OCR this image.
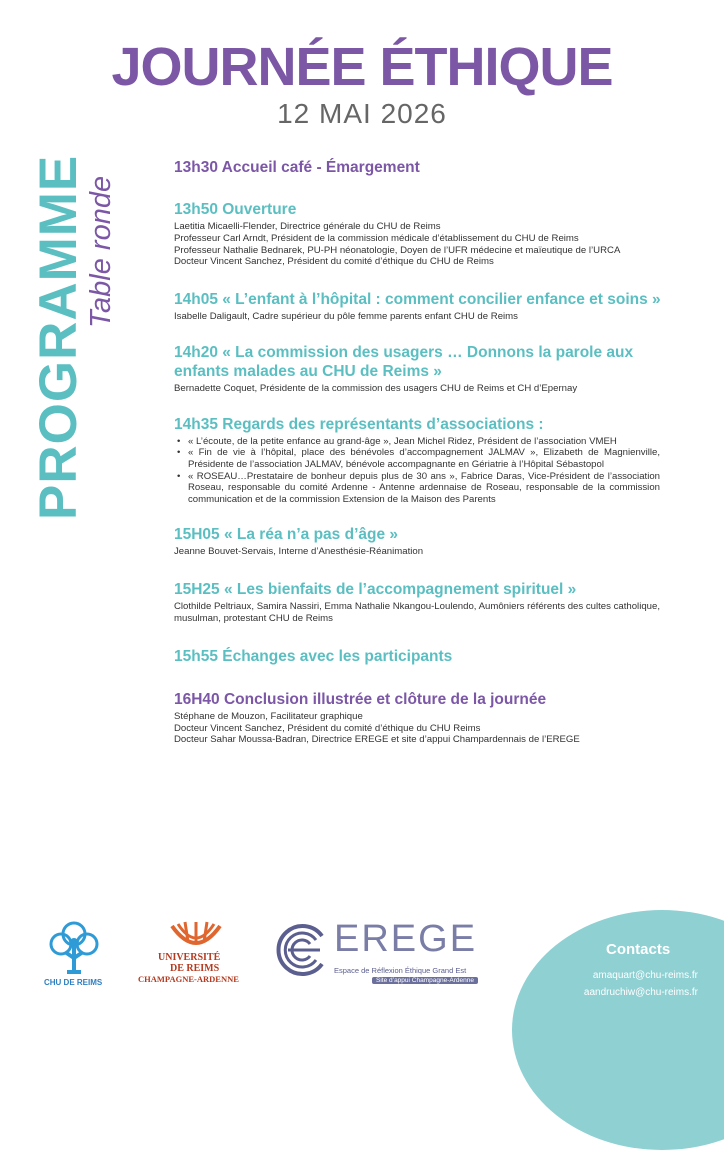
JOURNÉE ÉTHIQUE
12 MAI 2026
PROGRAMME
Table ronde
13h30 Accueil café - Émargement
13h50 Ouverture
Laetitia Micaelli-Flender, Directrice générale du CHU de Reims
Professeur Carl Arndt, Président de la commission médicale d’établissement du CHU de Reims
Professeur Nathalie Bednarek, PU-PH néonatologie, Doyen de l’UFR médecine et maïeutique de l’URCA
Docteur Vincent Sanchez, Président du comité d’éthique du CHU de Reims
14h05 « L’enfant à l’hôpital : comment concilier enfance et soins »
Isabelle Daligault, Cadre supérieur du pôle femme parents enfant CHU de Reims
14h20 « La commission des usagers … Donnons la parole aux enfants malades au CHU de Reims »
Bernadette Coquet, Présidente de la commission des usagers CHU de Reims et CH d’Epernay
14h35 Regards des représentants d’associations :
• « L’écoute, de la petite enfance au grand-âge », Jean Michel Ridez, Président de l’association VMEH
• « Fin de vie à l’hôpital, place des bénévoles d’accompagnement JALMAV », Elizabeth de Magnienville, Présidente de l’association JALMAV, bénévole accompagnante en Gériatrie à l’Hôpital Sébastopol
• « ROSEAU…Prestataire de bonheur depuis plus de 30 ans », Fabrice Daras, Vice-Président de l’association Roseau, responsable du comité Ardenne - Antenne ardennaise de Roseau, responsable de la commission communication et de la commission Extension de la Maison des Parents
15H05 « La réa n’a pas d’âge »
Jeanne Bouvet-Servais, Interne d’Anesthésie-Réanimation
15H25 « Les bienfaits de l’accompagnement spirituel »
Clothilde Peltriaux, Samira Nassiri, Emma Nathalie Nkangou-Loulendo, Aumôniers référents des cultes catholique, musulman, protestant CHU de Reims
15h55 Échanges avec les participants
16H40 Conclusion illustrée et clôture de la journée
Stéphane de Mouzon, Facilitateur graphique
Docteur Vincent Sanchez, Président du comité d’éthique du CHU Reims
Docteur Sahar Moussa-Badran, Directrice EREGE et site d’appui Champardennais de l’EREGE
CHU DE REIMS
UNIVERSITÉ
DE REIMS
CHAMPAGNE-ARDENNE
EREGE
Espace de Réflexion Éthique Grand Est
Site d’appui Champagne-Ardenne
Contacts
amaquart@chu-reims.fr
aandruchiw@chu-reims.fr
